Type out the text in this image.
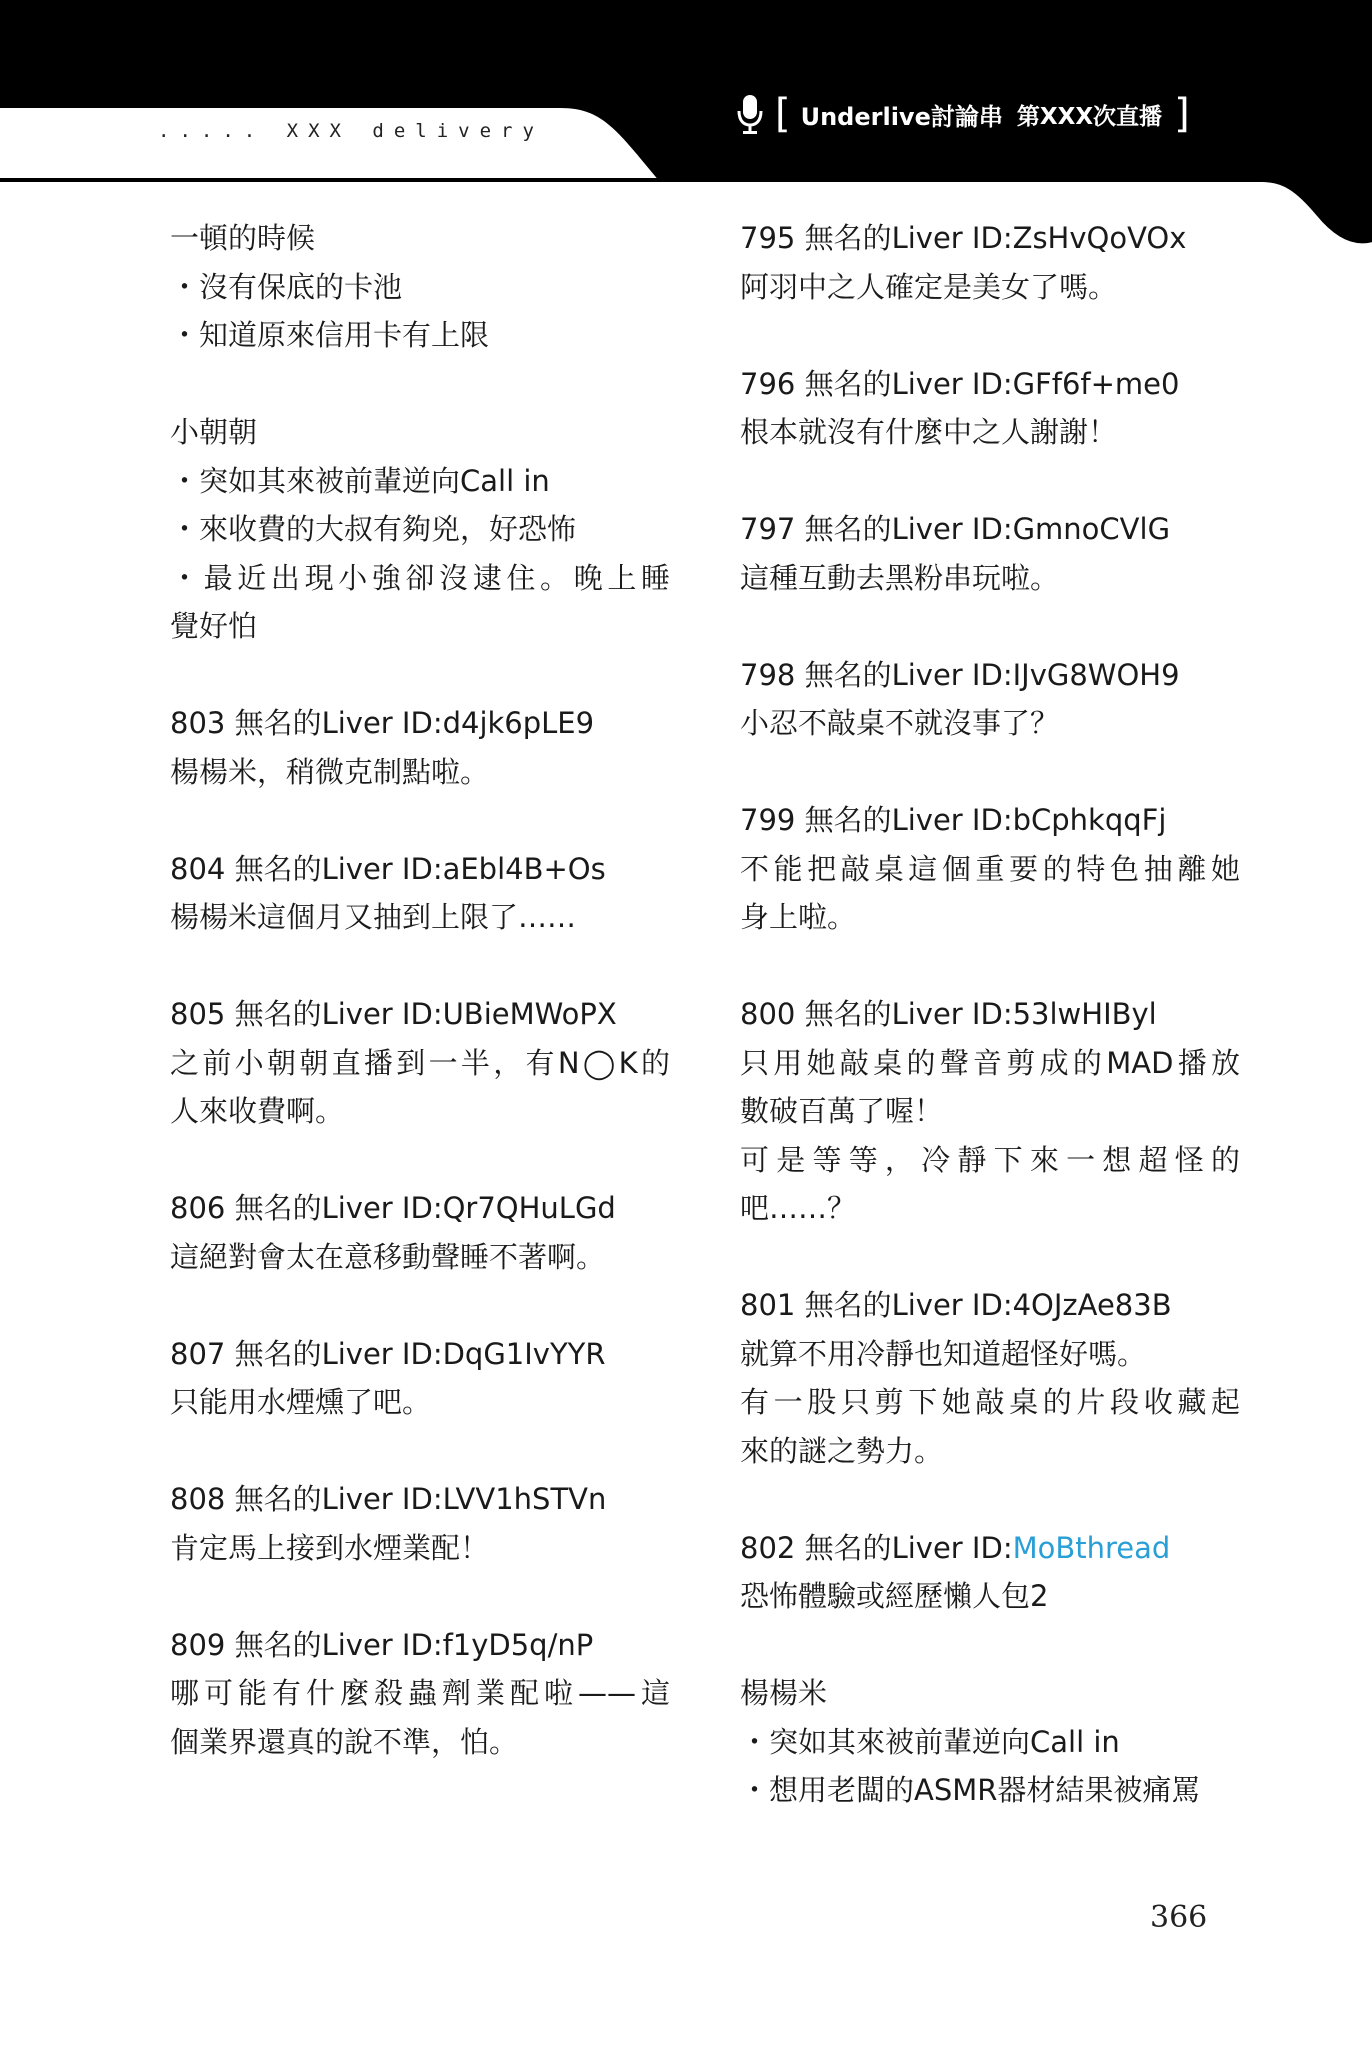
..... XXX delivery	[ Underlive討論串 第XXX次直播 ]
一頓的時候
・沒有保底的卡池
・知道原來信用卡有上限
小朝朝
・突如其來被前輩逆向Call in
・來收費的大叔有夠兇，好恐怖
・最近出現小強卻沒逮住。晚上睡
覺好怕
803 無名的Liver ID:d4jk6pLE9
楊楊米，稍微克制點啦。
804 無名的Liver ID:aEbl4B+Os
楊楊米這個月又抽到上限了……
805 無名的Liver ID:UBieMWoPX
之前小朝朝直播到一半，有N◯K的
人來收費啊。
806 無名的Liver ID:Qr7QHuLGd
這絕對會太在意移動聲睡不著啊。
807 無名的Liver ID:DqG1IvYYR
只能用水煙燻了吧。
808 無名的Liver ID:LVV1hSTVn
肯定馬上接到水煙業配！
809 無名的Liver ID:f1yD5q/nP
哪可能有什麼殺蟲劑業配啦——這
個業界還真的說不準，怕。
795 無名的Liver ID:ZsHvQoVOx
阿羽中之人確定是美女了嗎。
796 無名的Liver ID:GFf6f+me0
根本就沒有什麼中之人謝謝！
797 無名的Liver ID:GmnoCVlG
這種互動去黑粉串玩啦。
798 無名的Liver ID:IJvG8WOH9
小忍不敲桌不就沒事了？
799 無名的Liver ID:bCphkqqFj
不能把敲桌這個重要的特色抽離她
身上啦。
800 無名的Liver ID:53lwHIByl
只用她敲桌的聲音剪成的MAD播放
數破百萬了喔！
可是等等，冷靜下來一想超怪的
吧……？
801 無名的Liver ID:4OJzAe83B
就算不用冷靜也知道超怪好嗎。
有一股只剪下她敲桌的片段收藏起
來的謎之勢力。
802 無名的Liver ID:MoBthread
恐怖體驗或經歷懶人包2
楊楊米
・突如其來被前輩逆向Call in
・想用老闆的ASMR器材結果被痛罵
366
